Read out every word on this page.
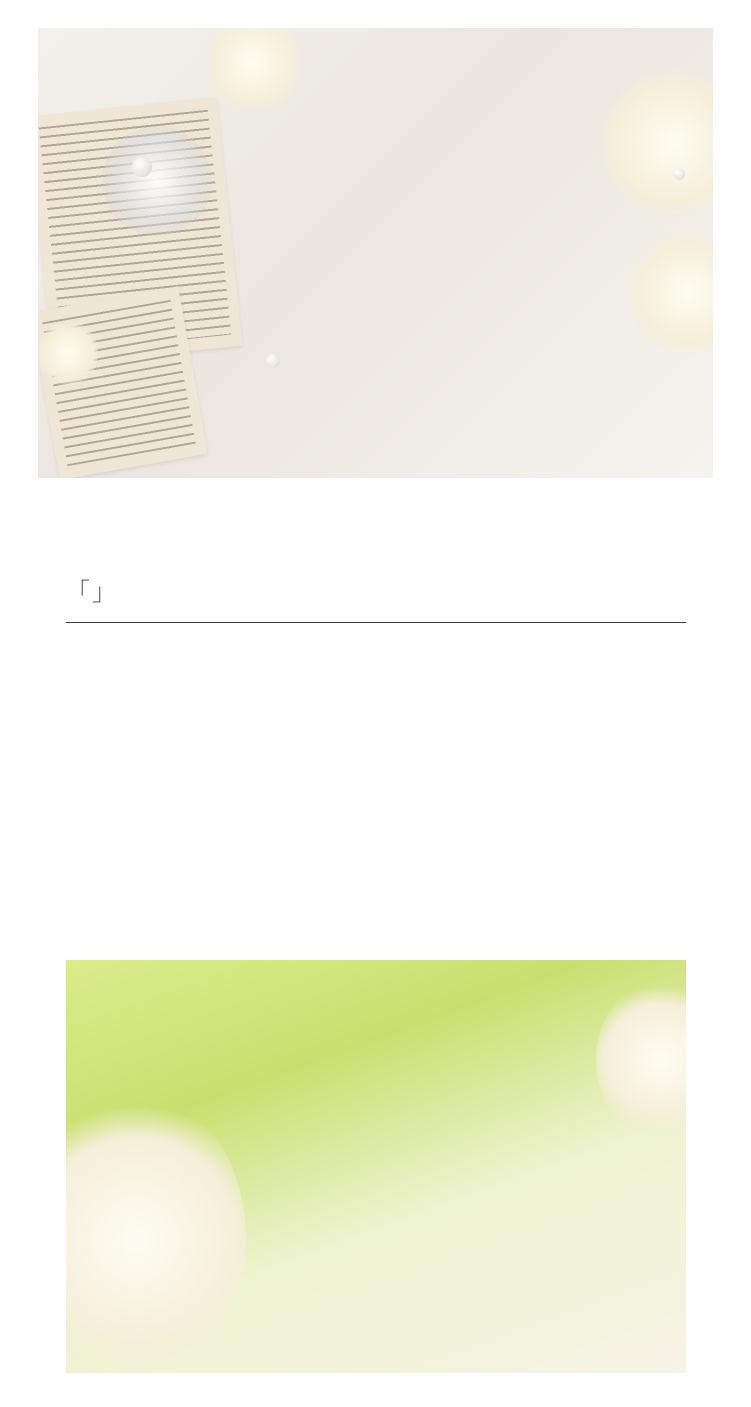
「」
